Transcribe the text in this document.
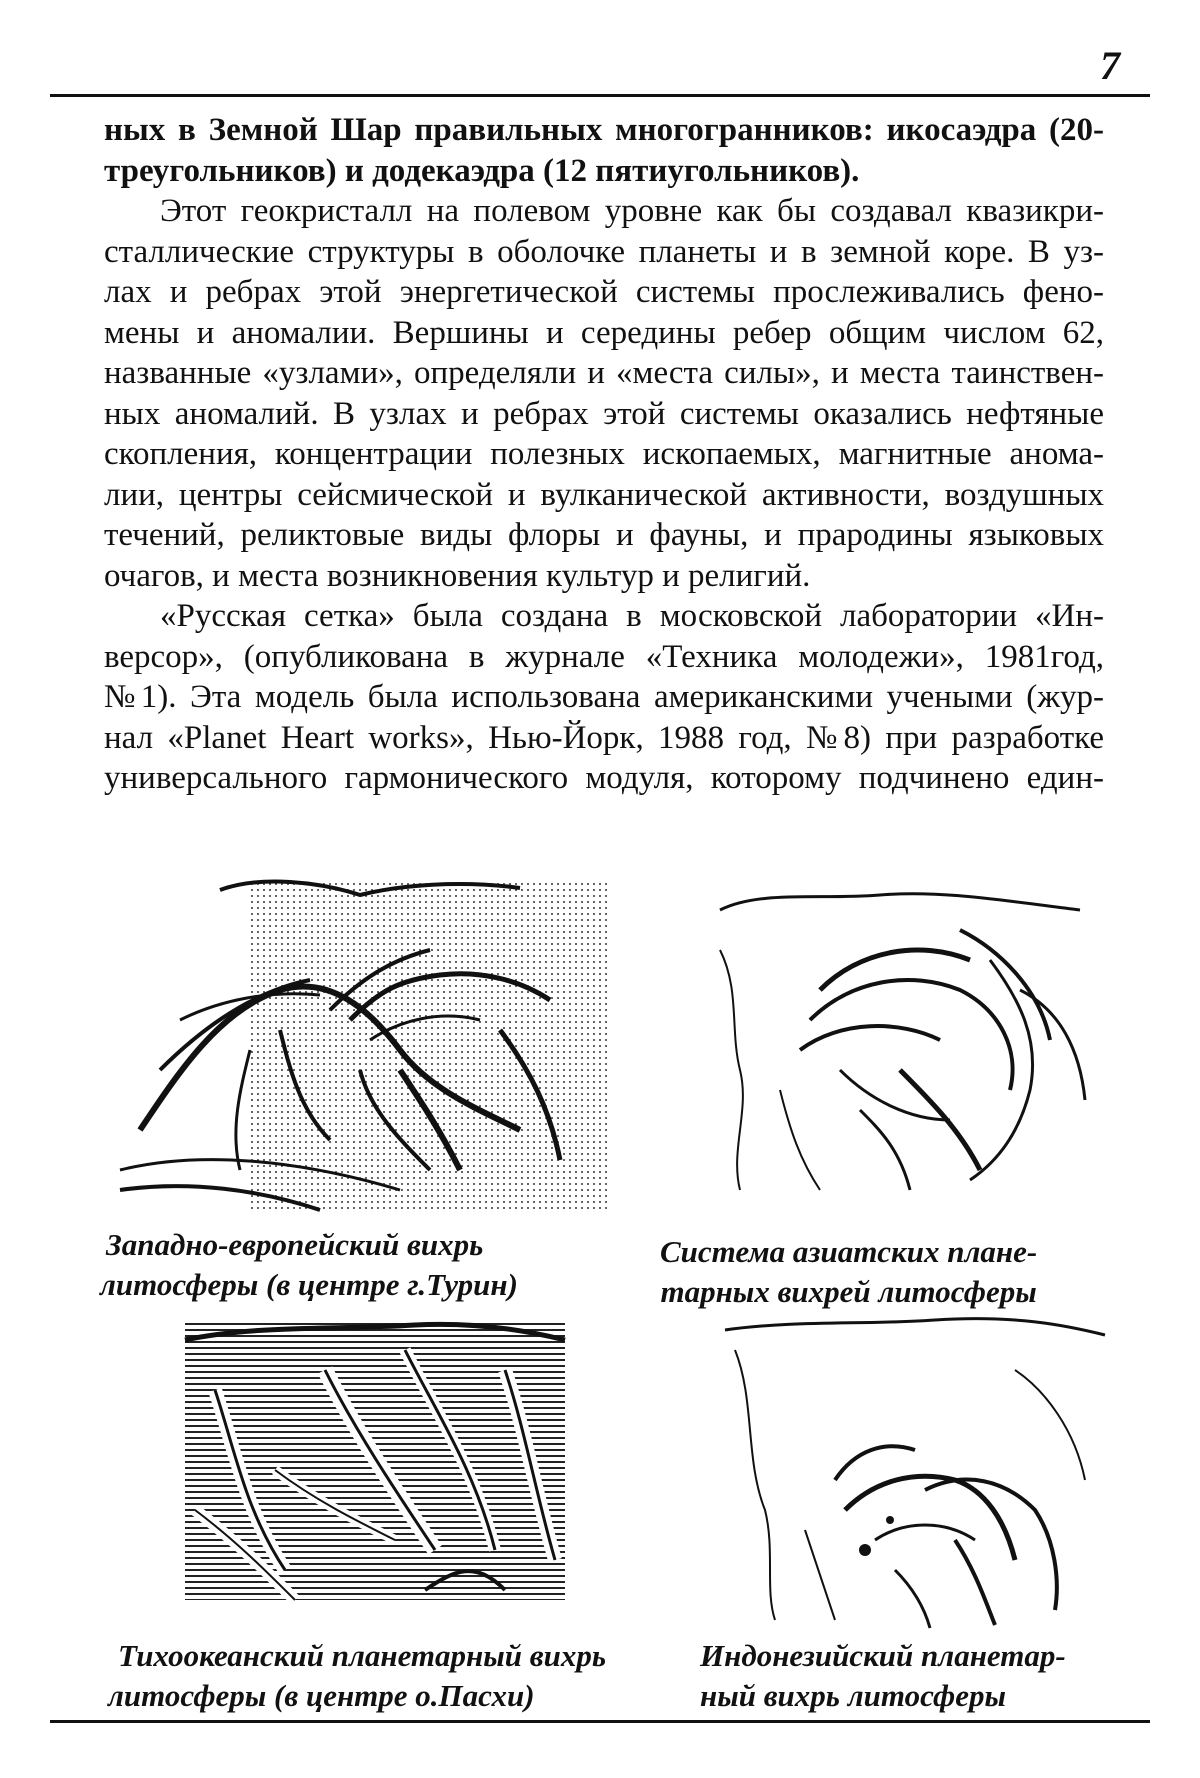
7
ных в Земной Шар правильных многогранников: икосаэдра (20-
треугольников) и додекаэдра (12 пятиугольников).
Этот геокристалл на полевом уровне как бы создавал квазикри-
сталлические структуры в оболочке планеты и в земной коре. В уз-
лах и ребрах этой энергетической системы прослеживались фено-
мены и аномалии. Вершины и середины ребер общим числом 62,
названные «узлами», определяли и «места силы», и места таинствен-
ных аномалий. В узлах и ребрах этой системы оказались нефтяные
скопления, концентрации полезных ископаемых, магнитные анома-
лии, центры сейсмической и вулканической активности, воздушных
течений, реликтовые виды флоры и фауны, и прародины языковых
очагов, и места возникновения культур и религий.
«Русская сетка» была создана в московской лаборатории «Ин-
версор», (опубликована в журнале «Техника молодежи», 1981год,
№1). Эта модель была использована американскими учеными (жур-
нал «Planet Heart works», Нью-Йорк, 1988 год, №8) при разработке
универсального гармонического модуля, которому подчинено един-
Западно-европейский вихрь
литосферы (в центре г.Турин)
Система азиатских плане-
тарных вихрей литосферы
Тихоокеанский планетарный вихрь
литосферы (в центре о.Пасхи)
Индонезийский планетар-
ный вихрь литосферы
